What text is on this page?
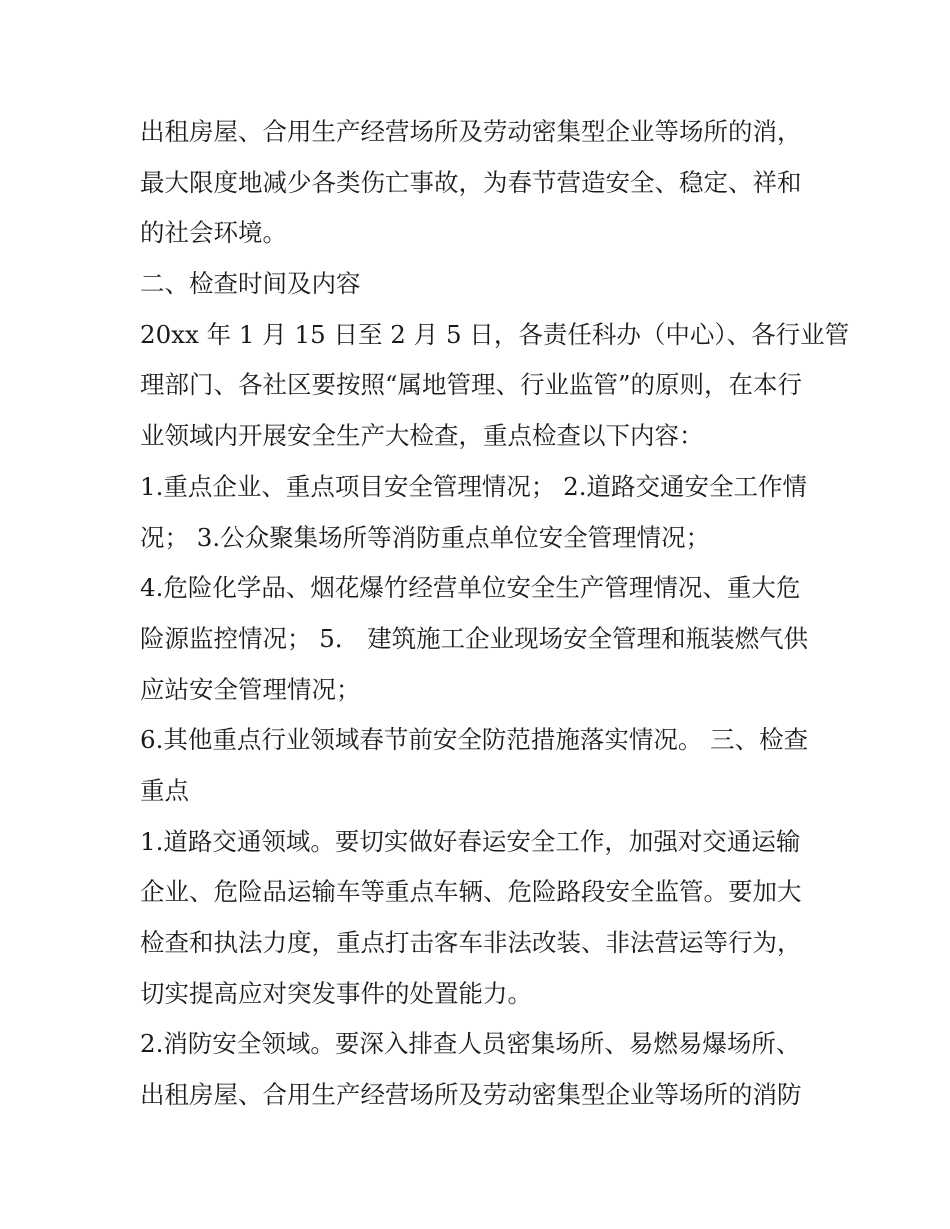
出租房屋、合用生产经营场所及劳动密集型企业等场所的消，
最大限度地减少各类伤亡事故，为春节营造安全、稳定、祥和
的社会环境。
二、检查时间及内容
20xx 年 1 月 15 日至 2 月 5 日，各责任科办（中心）、各行业管
理部门、各社区要按照“属地管理、行业监管”的原则，在本行
业领域内开展安全生产大检查，重点检查以下内容：
1.重点企业、重点项目安全管理情况； 2.道路交通安全工作情
况； 3.公众聚集场所等消防重点单位安全管理情况；
4.危险化学品、烟花爆竹经营单位安全生产管理情况、重大危
险源监控情况； 5． 建筑施工企业现场安全管理和瓶装燃气供
应站安全管理情况；
6.其他重点行业领域春节前安全防范措施落实情况。 三、检查
重点
1.道路交通领域。要切实做好春运安全工作，加强对交通运输
企业、危险品运输车等重点车辆、危险路段安全监管。要加大
检查和执法力度，重点打击客车非法改装、非法营运等行为，
切实提高应对突发事件的处置能力。
2.消防安全领域。要深入排查人员密集场所、易燃易爆场所、
出租房屋、合用生产经营场所及劳动密集型企业等场所的消防
